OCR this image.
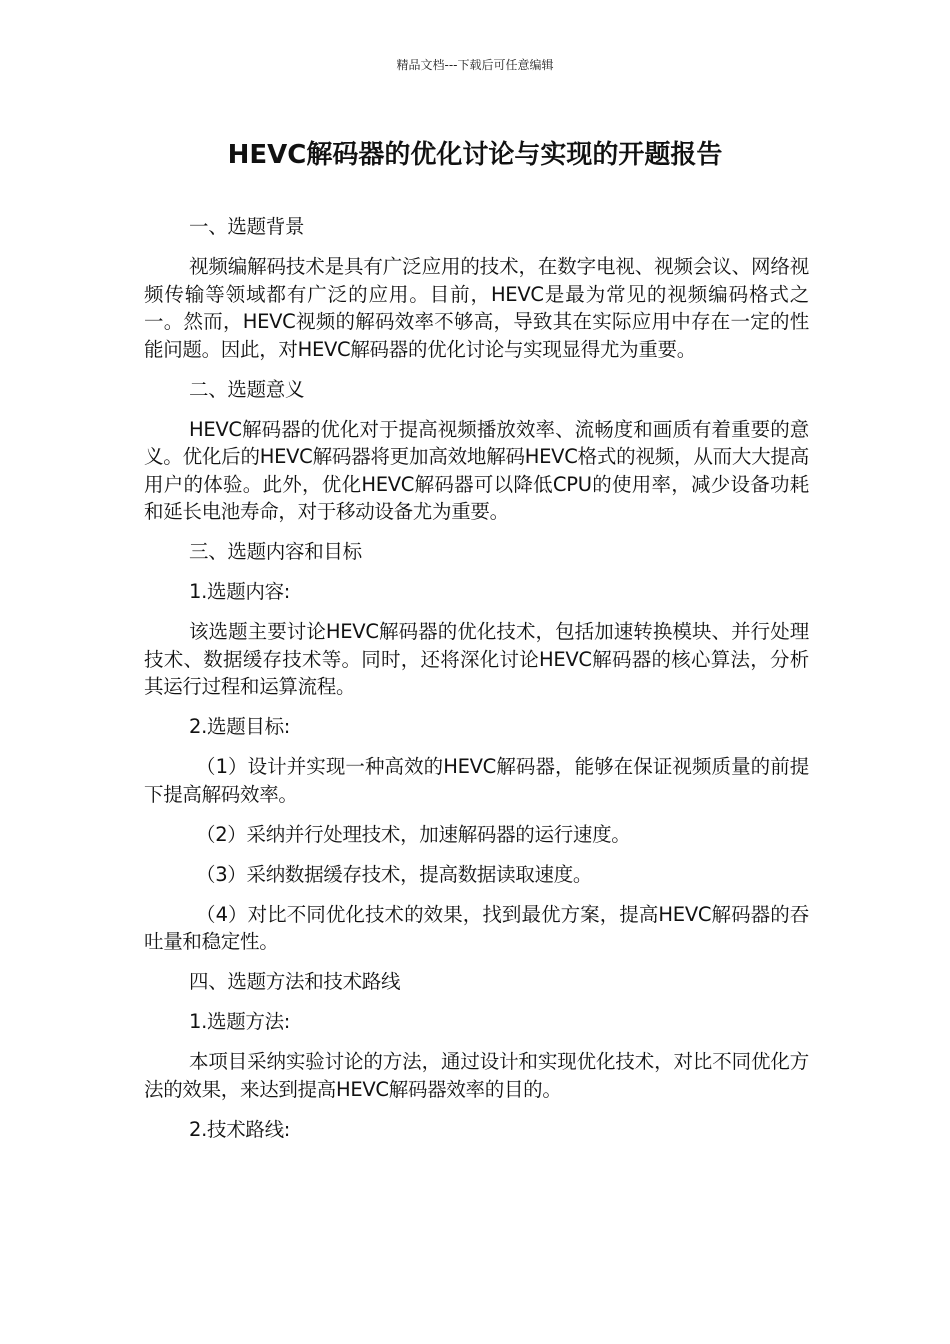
精品文档---下载后可任意编辑
HEVC解码器的优化讨论与实现的开题报告

一、选题背景

视频编解码技术是具有广泛应用的技术，在数字电视、视频会议、网络视频传输等领域都有广泛的应用。目前，HEVC是最为常见的视频编码格式之一。然而，HEVC视频的解码效率不够高，导致其在实际应用中存在一定的性能问题。因此，对HEVC解码器的优化讨论与实现显得尤为重要。

二、选题意义

HEVC解码器的优化对于提高视频播放效率、流畅度和画质有着重要的意义。优化后的HEVC解码器将更加高效地解码HEVC格式的视频，从而大大提高用户的体验。此外，优化HEVC解码器可以降低CPU的使用率，减少设备功耗和延长电池寿命，对于移动设备尤为重要。

三、选题内容和目标

1.选题内容:

该选题主要讨论HEVC解码器的优化技术，包括加速转换模块、并行处理技术、数据缓存技术等。同时，还将深化讨论HEVC解码器的核心算法，分析其运行过程和运算流程。

2.选题目标:

（1）设计并实现一种高效的HEVC解码器，能够在保证视频质量的前提下提高解码效率。

（2）采纳并行处理技术，加速解码器的运行速度。

（3）采纳数据缓存技术，提高数据读取速度。

（4）对比不同优化技术的效果，找到最优方案，提高HEVC解码器的吞吐量和稳定性。

四、选题方法和技术路线

1.选题方法:

本项目采纳实验讨论的方法，通过设计和实现优化技术，对比不同优化方法的效果，来达到提高HEVC解码器效率的目的。

2.技术路线:
